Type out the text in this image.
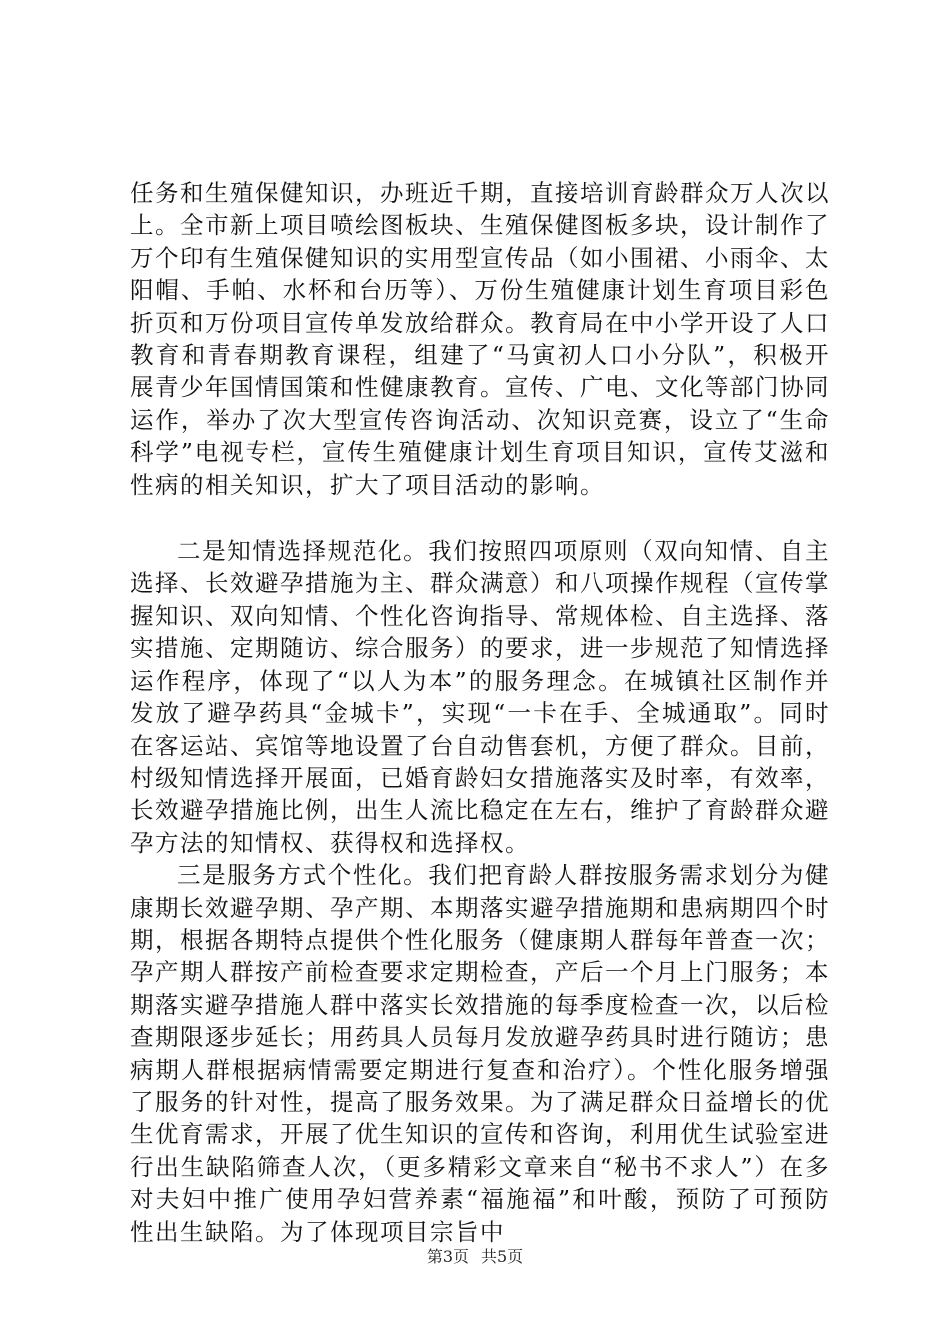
任务和生殖保健知识，办班近千期，直接培训育龄群众万人次以上。全市新上项目喷绘图板块、生殖保健图板多块，设计制作了万个印有生殖保健知识的实用型宣传品（如小围裙、小雨伞、太阳帽、手帕、水杯和台历等）、万份生殖健康计划生育项目彩色折页和万份项目宣传单发放给群众。教育局在中小学开设了人口教育和青春期教育课程，组建了“马寅初人口小分队”，积极开展青少年国情国策和性健康教育。宣传、广电、文化等部门协同运作，举办了次大型宣传咨询活动、次知识竞赛，设立了“生命科学”电视专栏，宣传生殖健康计划生育项目知识，宣传艾滋和性病的相关知识，扩大了项目活动的影响。

二是知情选择规范化。我们按照四项原则（双向知情、自主选择、长效避孕措施为主、群众满意）和八项操作规程（宣传掌握知识、双向知情、个性化咨询指导、常规体检、自主选择、落实措施、定期随访、综合服务）的要求，进一步规范了知情选择运作程序，体现了“以人为本”的服务理念。在城镇社区制作并发放了避孕药具“金城卡”，实现“一卡在手、全城通取”。同时在客运站、宾馆等地设置了台自动售套机，方便了群众。目前，村级知情选择开展面，已婚育龄妇女措施落实及时率，有效率，长效避孕措施比例，出生人流比稳定在左右，维护了育龄群众避孕方法的知情权、获得权和选择权。

三是服务方式个性化。我们把育龄人群按服务需求划分为健康期长效避孕期、孕产期、本期落实避孕措施期和患病期四个时期，根据各期特点提供个性化服务（健康期人群每年普查一次；孕产期人群按产前检查要求定期检查，产后一个月上门服务；本期落实避孕措施人群中落实长效措施的每季度检查一次，以后检查期限逐步延长；用药具人员每月发放避孕药具时进行随访；患病期人群根据病情需要定期进行复查和治疗）。个性化服务增强了服务的针对性，提高了服务效果。为了满足群众日益增长的优生优育需求，开展了优生知识的宣传和咨询，利用优生试验室进行出生缺陷筛查人次，（更多精彩文章来自“秘书不求人”）在多对夫妇中推广使用孕妇营养素“福施福”和叶酸，预防了可预防性出生缺陷。为了体现项目宗旨中

第3页 共5页
